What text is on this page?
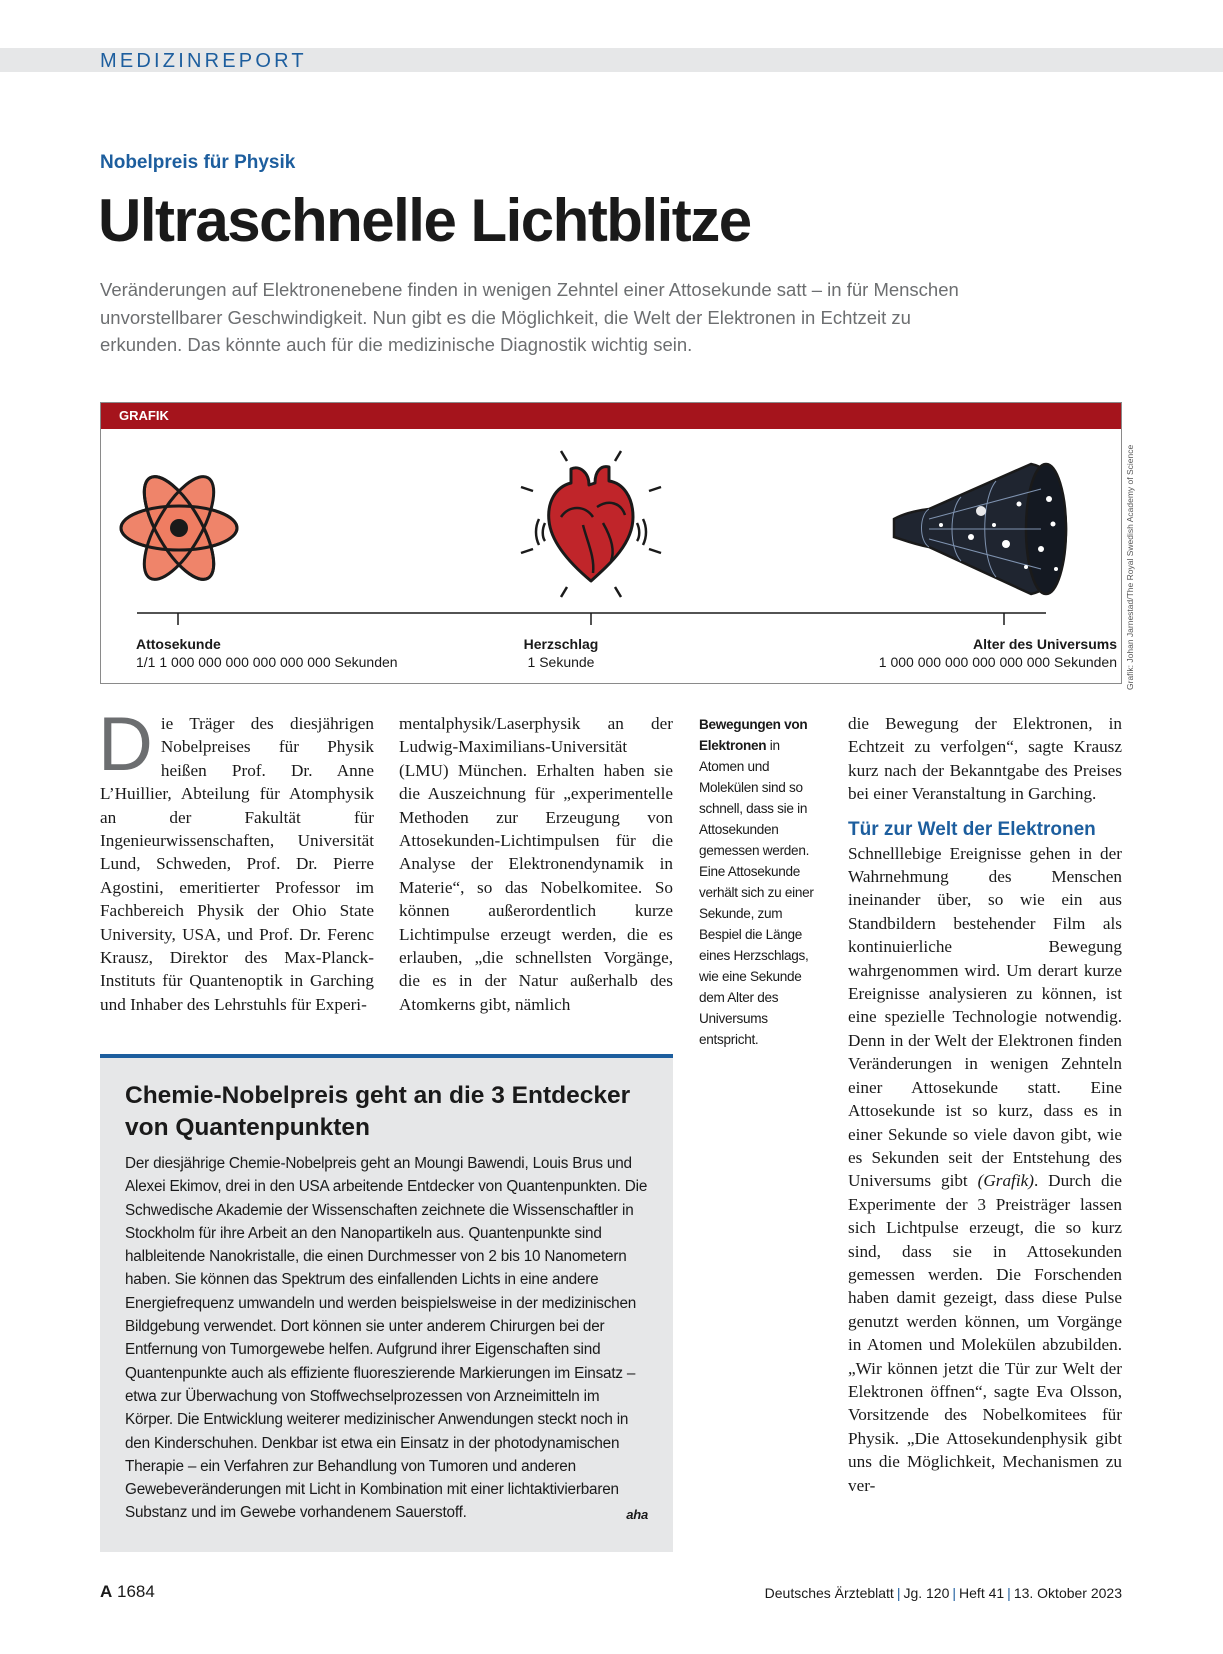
MEDIZINREPORT
Nobelpreis für Physik
Ultraschnelle Lichtblitze

Veränderungen auf Elektronenebene finden in wenigen Zehntel einer Attosekunde satt – in für Menschen unvorstellbarer Geschwindigkeit. Nun gibt es die Möglichkeit, die Welt der Elektronen in Echtzeit zu erkunden. Das könnte auch für die medizinische Diagnostik wichtig sein.

GRAFIK
Attosekunde
1/1 1 000 000 000 000 000 000 Sekunden
Herzschlag
1 Sekunde
Alter des Universums
1 000 000 000 000 000 000 Sekunden Grafik: Johan Jarnestad/The Royal Swedish Academy of Science
Die Träger des diesjährigen Nobelpreises für Physik heißen Prof. Dr. Anne L’Huillier, Abteilung für Atomphysik an der Fakultät für Ingenieurwissenschaften, Universität Lund, Schweden, Prof. Dr. Pierre Agostini, emeritierter Professor im Fachbereich Physik der Ohio State University, USA, und Prof. Dr. Ferenc Krausz, Direktor des Max-Planck-Instituts für Quantenoptik in Garching und Inhaber des Lehrstuhls für Experi-
mentalphysik/Laserphysik an der Ludwig-Maximilians-Universität (LMU) München. Erhalten haben sie die Auszeichnung für „experimentelle Methoden zur Erzeugung von Attosekunden-Lichtimpulsen für die Analyse der Elektronendynamik in Materie“, so das Nobelkomitee. So können außerordentlich kurze Lichtimpulse erzeugt werden, die es erlauben, „die schnellsten Vorgänge, die es in der Natur außerhalb des Atomkerns gibt, nämlich
Bewegungen von Elektronen in Atomen und Molekülen sind so schnell, dass sie in Attosekunden gemessen werden. Eine Attosekunde verhält sich zu einer Sekunde, zum Bespiel die Länge eines Herzschlags, wie eine Sekunde dem Alter des Universums entspricht.

die Bewegung der Elektronen, in Echtzeit zu verfolgen“, sagte Krausz kurz nach der Bekanntgabe des Preises bei einer Veranstaltung in Garching.

Tür zur Welt der Elektronen

Schnelllebige Ereignisse gehen in der Wahrnehmung des Menschen ineinander über, so wie ein aus Standbildern bestehender Film als kontinuierliche Bewegung wahrgenommen wird. Um derart kurze Ereignisse analysieren zu können, ist eine spezielle Technologie notwendig. Denn in der Welt der Elektronen finden Veränderungen in wenigen Zehnteln einer Attosekunde statt. Eine Attosekunde ist so kurz, dass es in einer Sekunde so viele davon gibt, wie es Sekunden seit der Entstehung des Universums gibt (Grafik). Durch die Experimente der 3 Preisträger lassen sich Lichtpulse erzeugt, die so kurz sind, dass sie in Attosekunden gemessen werden. Die Forschenden haben damit gezeigt, dass diese Pulse genutzt werden können, um Vorgänge in Atomen und Molekülen abzubilden. „Wir können jetzt die Tür zur Welt der Elektronen öffnen“, sagte Eva Olsson, Vorsitzende des Nobelkomitees für Physik. „Die Attosekundenphysik gibt uns die Möglichkeit, Mechanismen zu ver-

Chemie-Nobelpreis geht an die 3 Entdecker von Quantenpunkten

Der diesjährige Chemie-Nobelpreis geht an Moungi Bawendi, Louis Brus und Alexei Ekimov, drei in den USA arbeitende Entdecker von Quantenpunkten. Die Schwedische Akademie der Wissenschaften zeichnete die Wissenschaftler in Stockholm für ihre Arbeit an den Nanopartikeln aus. Quantenpunkte sind halbleitende Nanokristalle, die einen Durchmesser von 2 bis 10 Nanometern haben. Sie können das Spektrum des einfallenden Lichts in eine andere Energiefrequenz umwandeln und werden beispielsweise in der medizinischen Bildgebung verwendet. Dort können sie unter anderem Chirurgen bei der Entfernung von Tumorgewebe helfen. Aufgrund ihrer Eigenschaften sind Quantenpunkte auch als effiziente fluoreszierende Markierungen im Einsatz – etwa zur Überwachung von Stoffwechselprozessen von Arzneimitteln im Körper. Die Entwicklung weiterer medizinischer Anwendungen steckt noch in den Kinderschuhen. Denkbar ist etwa ein Einsatz in der photodynamischen Therapie – ein Verfahren zur Behandlung von Tumoren und anderen Gewebeveränderungen mit Licht in Kombination mit einer lichtaktivierbaren Substanz und im Gewebe vorhandenem Sauerstoff.	aha

A 1684	Deutsches Ärzteblatt | Jg. 120 | Heft 41 | 13. Oktober 2023
